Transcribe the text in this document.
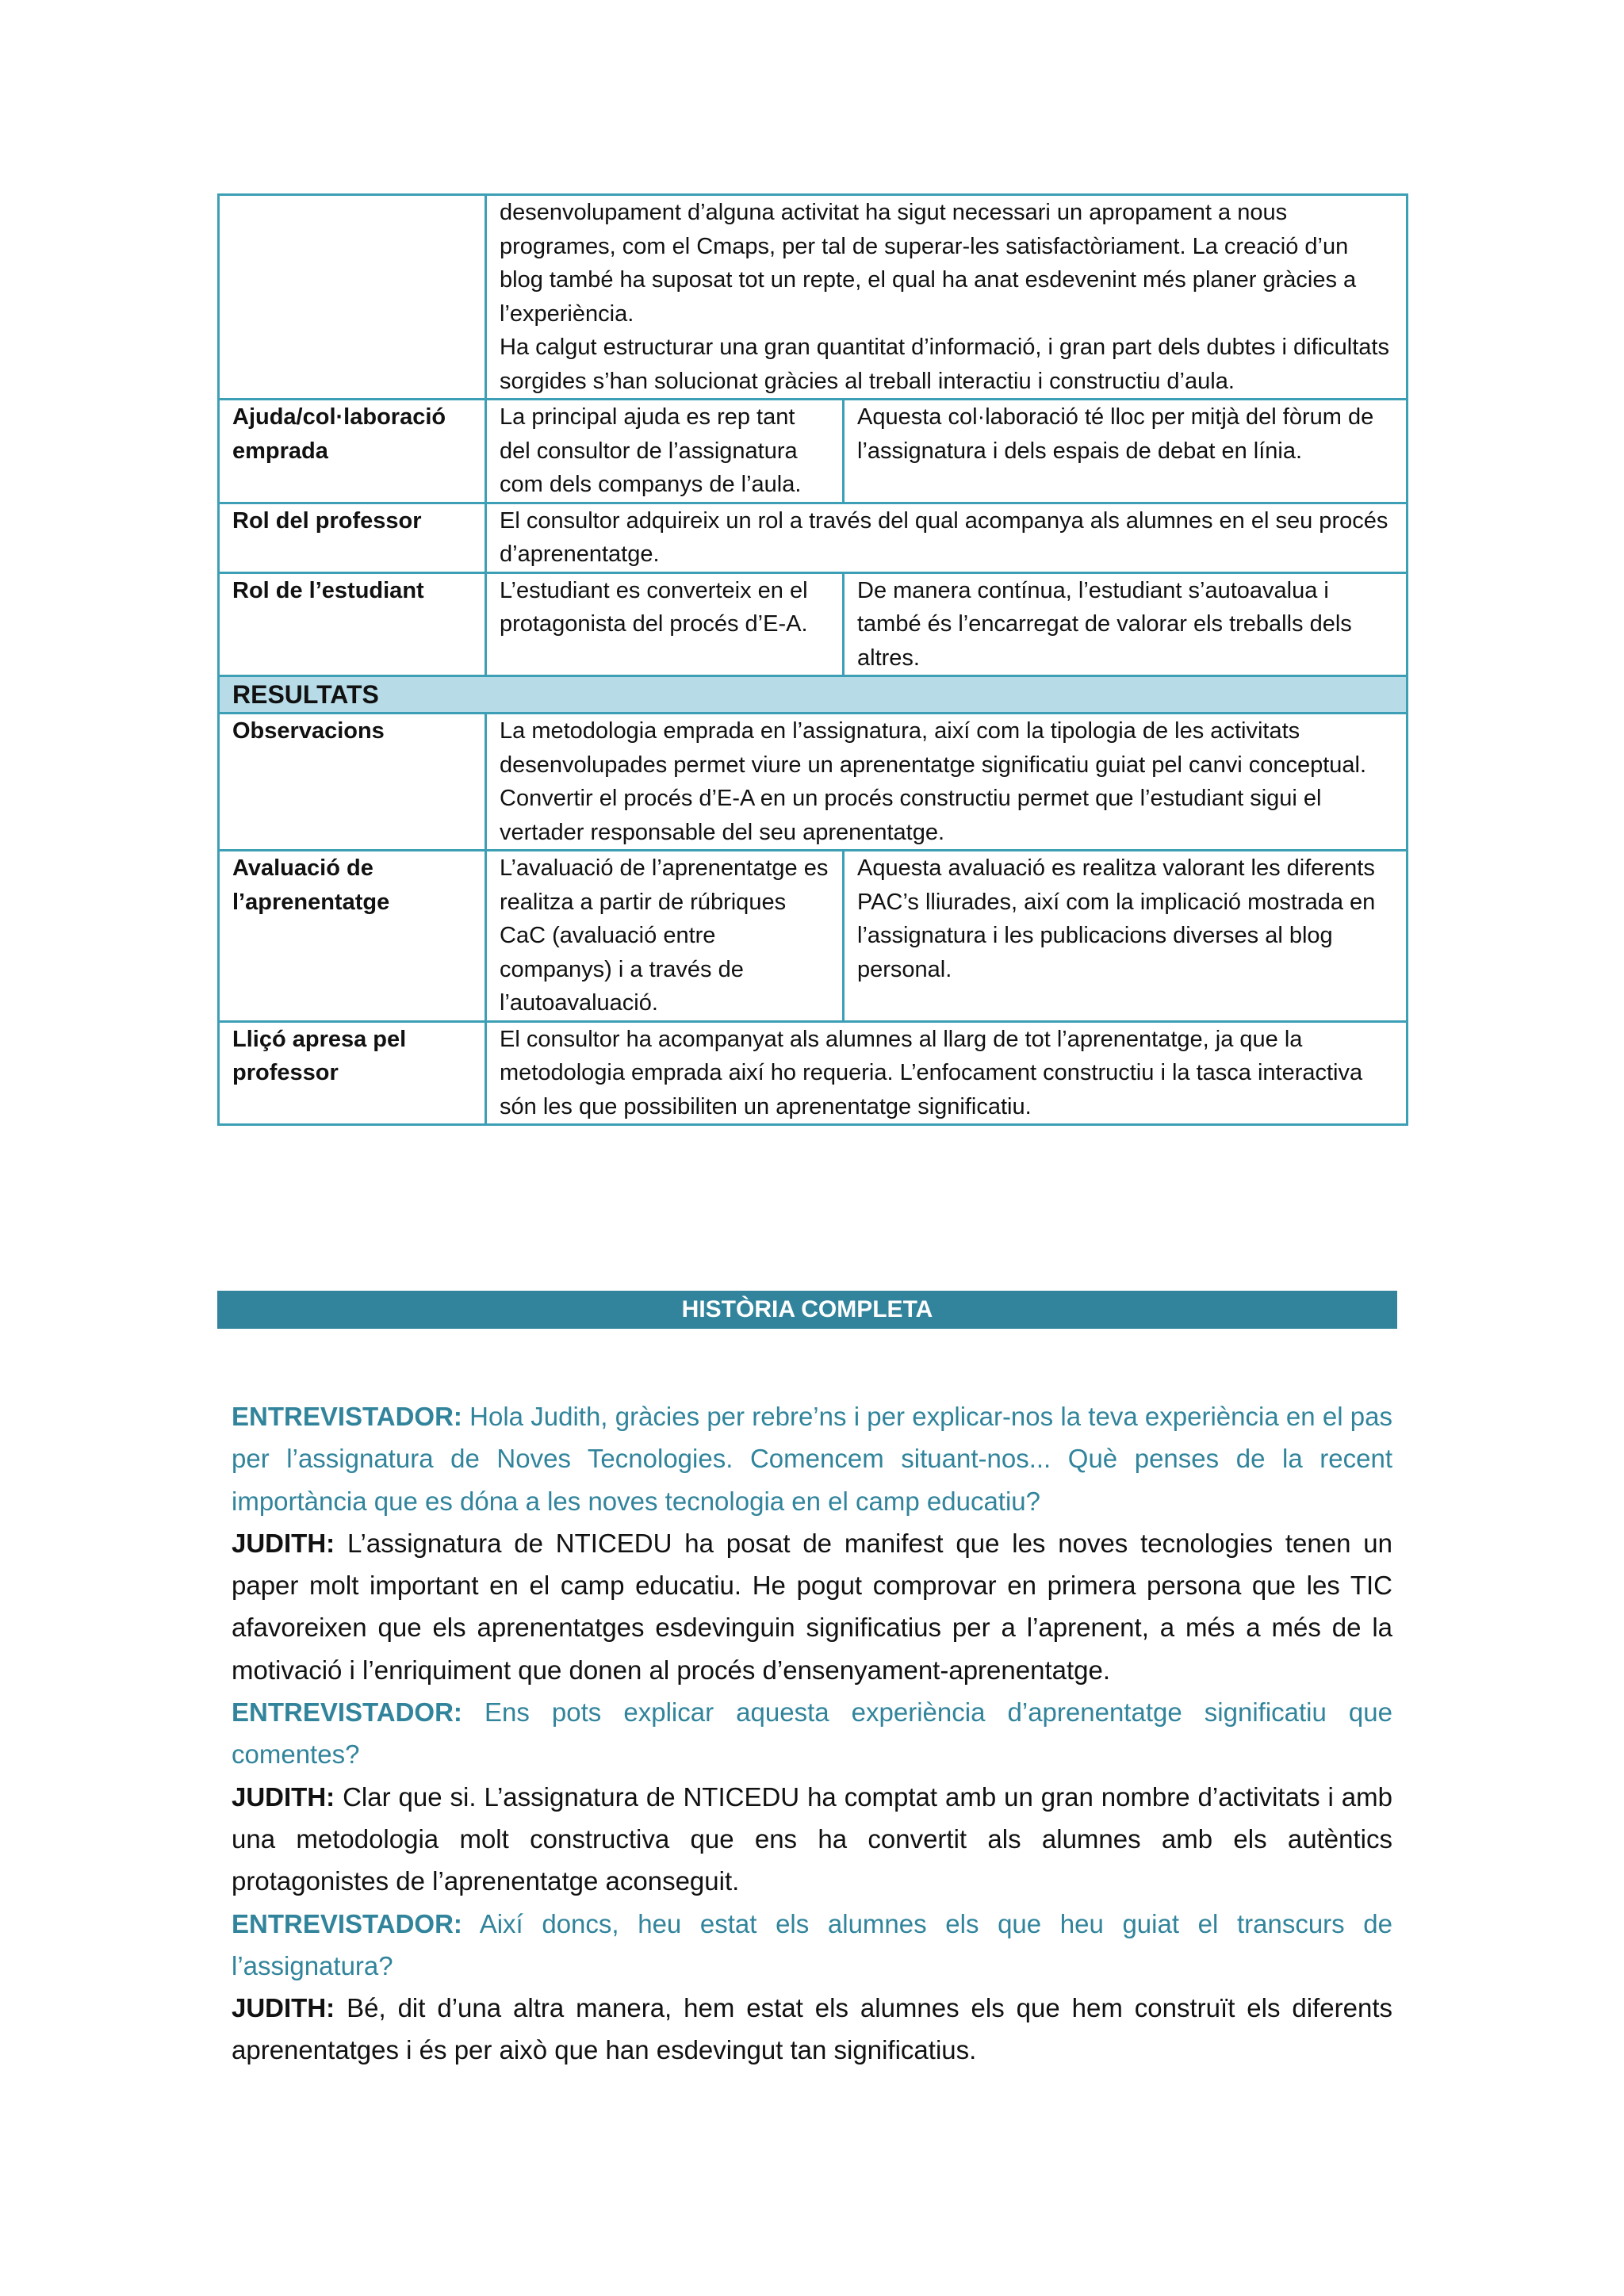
	desenvolupament d’alguna activitat ha sigut necessari un apropament a nous programes, com el Cmaps, per tal de superar-les satisfactòriament. La creació d’un blog també ha suposat tot un repte, el qual ha anat esdevenint més planer gràcies a l’experiència.
Ha calgut estructurar una gran quantitat d’informació, i gran part dels dubtes i dificultats sorgides s’han solucionat gràcies al treball interactiu i constructiu d’aula.	

Ajuda/col·laboració emprada	La principal ajuda es rep tant del consultor de l’assignatura com dels companys de l’aula.	Aquesta col·laboració té lloc per mitjà del fòrum de l’assignatura i dels espais de debat en línia.
Rol del professor	El consultor adquireix un rol a través del qual acompanya als alumnes en el seu procés d’aprenentatge.	
Rol de l’estudiant	L’estudiant es converteix en el protagonista del procés d’E-A.	De manera contínua, l’estudiant s’autoavalua i també és l’encarregat de valorar els treballs dels altres.
RESULTATS		
Observacions	La metodologia emprada en l’assignatura, així com la tipologia de les activitats desenvolupades permet viure un aprenentatge significatiu guiat pel canvi conceptual. Convertir el procés d’E-A en un procés constructiu permet que l’estudiant sigui el vertader responsable del seu aprenentatge.	
Avaluació de l’aprenentatge	L’avaluació de l’aprenentatge es realitza a partir de rúbriques CaC (avaluació entre companys) i a través de l’autoavaluació.	Aquesta avaluació es realitza valorant les diferents PAC’s lliurades, així com la implicació mostrada en l’assignatura i les publicacions diverses al blog personal.
Lliçó apresa pel professor	El consultor ha acompanyat als alumnes al llarg de tot l’aprenentatge, ja que la metodologia emprada així ho requeria. L’enfocament constructiu i la tasca interactiva són les que possibiliten un aprenentatge significatiu.	
HISTÒRIA COMPLETA

ENTREVISTADOR: Hola Judith, gràcies per rebre’ns i per explicar-nos la teva experiència en el pas per l’assignatura de Noves Tecnologies. Comencem situant-nos... Què penses de la recent importància que es dóna a les noves tecnologia en el camp educatiu?

JUDITH: L’assignatura de NTICEDU ha posat de manifest que les noves tecnologies tenen un paper molt important en el camp educatiu. He pogut comprovar en primera persona que les TIC afavoreixen que els aprenentatges esdevinguin significatius per a l’aprenent, a més a més de la motivació i l’enriquiment que donen al procés d’ensenyament-aprenentatge.

ENTREVISTADOR: Ens pots explicar aquesta experiència d’aprenentatge significatiu que comentes?

JUDITH: Clar que si. L’assignatura de NTICEDU ha comptat amb un gran nombre d’activitats i amb una metodologia molt constructiva que ens ha convertit als alumnes amb els autèntics protagonistes de l’aprenentatge aconseguit.

ENTREVISTADOR: Així doncs, heu estat els alumnes els que heu guiat el transcurs de l’assignatura?

JUDITH: Bé, dit d’una altra manera, hem estat els alumnes els que hem construït els diferents aprenentatges i és per això que han esdevingut tan significatius.
